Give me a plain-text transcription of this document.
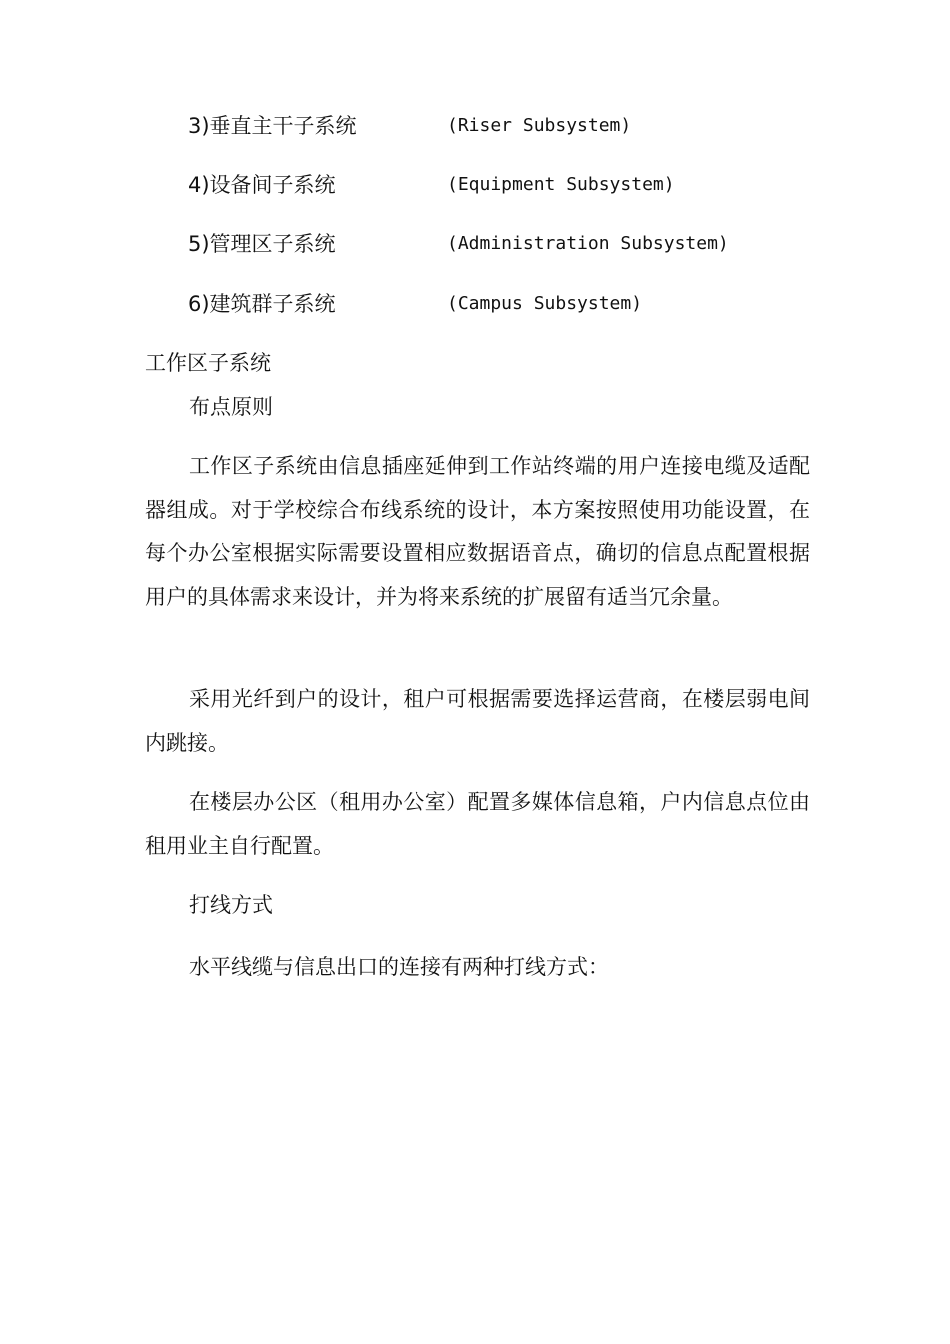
3)垂直主干子系统	(Riser Subsystem)
4)设备间子系统	(Equipment Subsystem)
5)管理区子系统	(Administration Subsystem)
6)建筑群子系统	(Campus Subsystem)
工作区子系统
布点原则

工作区子系统由信息插座延伸到工作站终端的用户连接电缆及适配器组成。对于学校综合布线系统的设计，本方案按照使用功能设置，在每个办公室根据实际需要设置相应数据语音点，确切的信息点配置根据用户的具体需求来设计，并为将来系统的扩展留有适当冗余量。

采用光纤到户的设计，租户可根据需要选择运营商，在楼层弱电间内跳接。

在楼层办公区（租用办公室）配置多媒体信息箱，户内信息点位由租用业主自行配置。

打线方式
水平线缆与信息出口的连接有两种打线方式：
